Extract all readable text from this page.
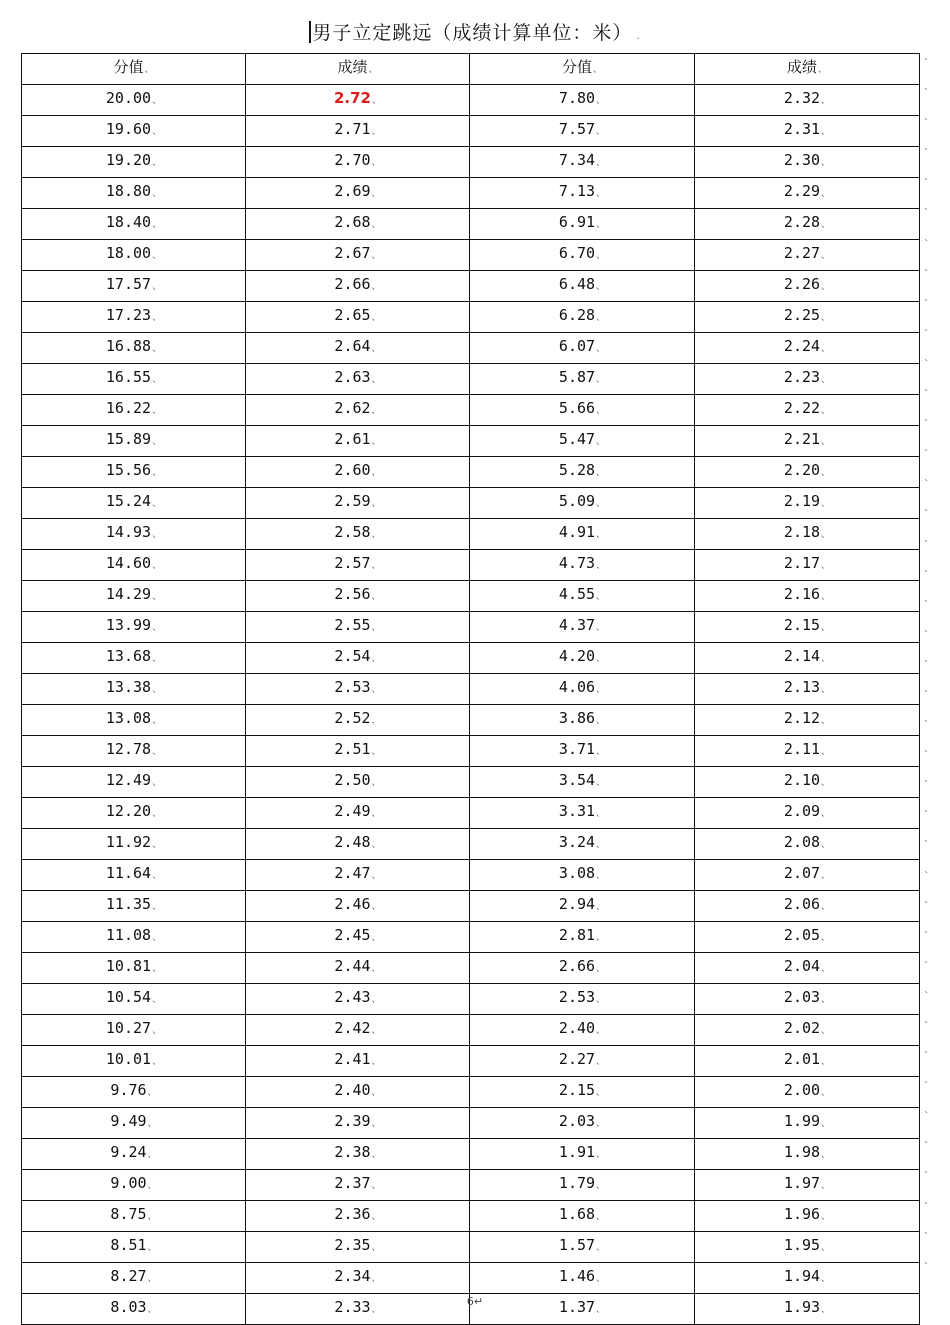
男子立定跳远（成绩计算单位：米） .
分值、	成绩、	分值、	成绩、
20.00、	2.72、	7.80、	2.32、
19.60、	2.71、	7.57、	2.31、
19.20、	2.70、	7.34、	2.30、
18.80、	2.69、	7.13、	2.29、
18.40、	2.68、	6.91、	2.28、
18.00、	2.67、	6.70、	2.27、
17.57、	2.66、	6.48、	2.26、
17.23、	2.65、	6.28、	2.25、
16.88、	2.64、	6.07、	2.24、
16.55、	2.63、	5.87、	2.23、
16.22、	2.62、	5.66、	2.22、
15.89、	2.61、	5.47、	2.21、
15.56、	2.60、	5.28、	2.20、
15.24、	2.59、	5.09、	2.19、
14.93、	2.58、	4.91、	2.18、
14.60、	2.57、	4.73、	2.17、
14.29、	2.56、	4.55、	2.16、
13.99、	2.55、	4.37、	2.15、
13.68、	2.54、	4.20、	2.14、
13.38、	2.53、	4.06、	2.13、
13.08、	2.52、	3.86、	2.12、
12.78、	2.51、	3.71、	2.11、
12.49、	2.50、	3.54、	2.10、
12.20、	2.49、	3.31、	2.09、
11.92、	2.48、	3.24、	2.08、
11.64、	2.47、	3.08、	2.07、
11.35、	2.46、	2.94、	2.06、
11.08、	2.45、	2.81、	2.05、
10.81、	2.44、	2.66、	2.04、
10.54、	2.43、	2.53、	2.03、
10.27、	2.42、	2.40、	2.02、
10.01、	2.41、	2.27、	2.01、
9.76、	2.40、	2.15、	2.00、
9.49、	2.39、	2.03、	1.99、
9.24、	2.38、	1.91、	1.98、
9.00、	2.37、	1.79、	1.97、
8.75、	2.36、	1.68、	1.96、
8.51、	2.35、	1.57、	1.95、
8.27、	2.34、	1.46、	1.94、
8.03、	2.33、	1.37、	1.93、
`
`
`
`
`
`
`
`
`
`
`
`
`
`
`
`
`
`
`
`
`
`
`
`
`
`
`
`
`
`
`
`
`
`
`
`
`
`
`
`
`
6↵
